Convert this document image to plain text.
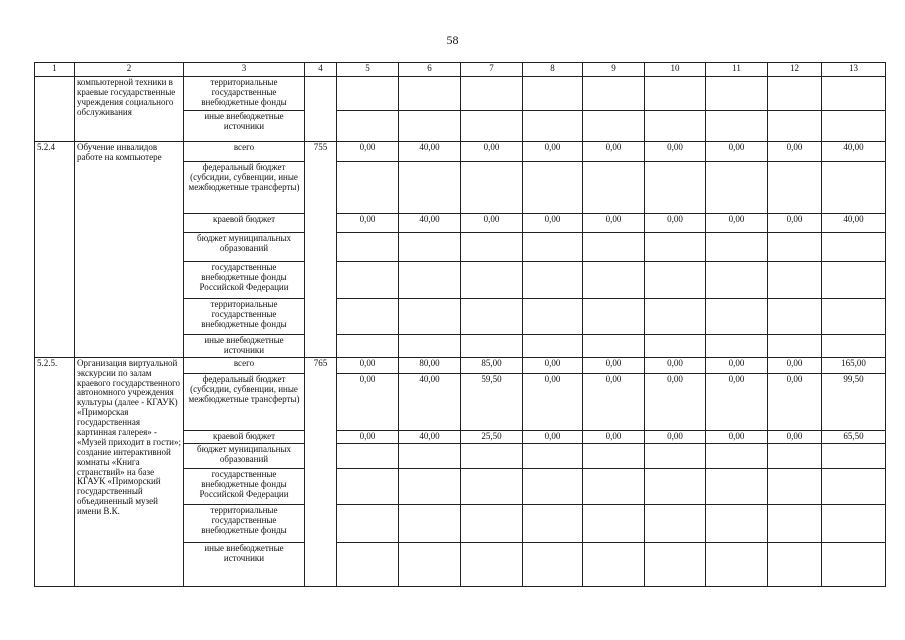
58
1	2	3	4	5	6	7	8	9	10	11	12	13
	компьютерной техники в краевые государственные учреждения социального обслуживания	территориальные государственные внебюджетные фонды										
		иные внебюджетные источники										
5.2.4	Обучение инвалидов работе на компьютере	всего	755	0,00	40,00	0,00	0,00	0,00	0,00	0,00	0,00	40,00
		федеральный бюджет (субсидии, субвенции, иные межбюджетные трансферты)										
		краевой бюджет		0,00	40,00	0,00	0,00	0,00	0,00	0,00	0,00	40,00
		бюджет муниципальных образований										
		государственные внебюджетные фонды Российской Федерации										
		территориальные государственные внебюджетные фонды										
		иные внебюджетные источники										
5.2.5.	Организация виртуальной экскурсии по залам краевого государственного автономного учреждения культуры (далее - КГАУК) «Приморская государственная картинная галерея» - «Музей приходит в гости»; создание интерактивной комнаты «Книга странствий» на базе КГАУК «Приморский государственный объединенный музей имени В.К.	всего	765	0,00	80,00	85,00	0,00	0,00	0,00	0,00	0,00	165,00
		федеральный бюджет (субсидии, субвенции, иные межбюджетные трансферты)		0,00	40,00	59,50	0,00	0,00	0,00	0,00	0,00	99,50
		краевой бюджет		0,00	40,00	25,50	0,00	0,00	0,00	0,00	0,00	65,50
		бюджет муниципальных образований										
		государственные внебюджетные фонды Российской Федерации										
		территориальные государственные внебюджетные фонды										
		иные внебюджетные источники										
